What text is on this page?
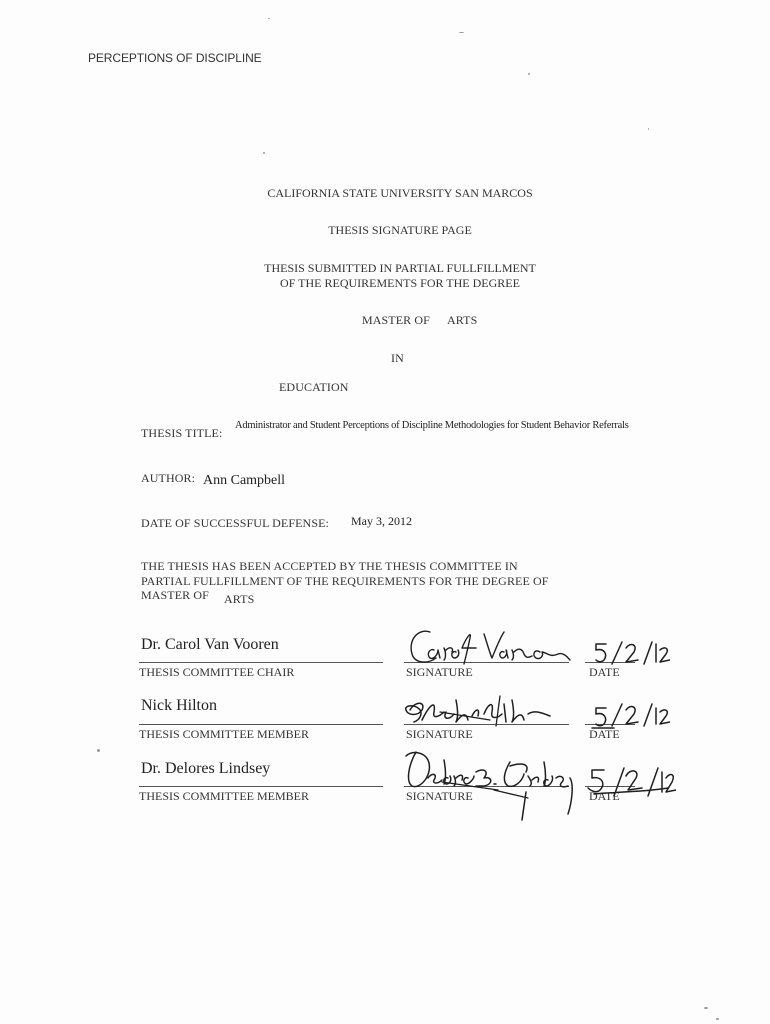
PERCEPTIONS OF DISCIPLINE
CALIFORNIA STATE UNIVERSITY SAN MARCOS
THESIS SIGNATURE PAGE
THESIS SUBMITTED IN PARTIAL FULLFILLMENT
OF THE REQUIREMENTS FOR THE DEGREE
MASTER OF ARTS
IN
EDUCATION
THESIS TITLE:
Administrator and Student Perceptions of Discipline Methodologies for Student Behavior Referrals
AUTHOR: Ann Campbell
DATE OF SUCCESSFUL DEFENSE: May 3, 2012
THE THESIS HAS BEEN ACCEPTED BY THE THESIS COMMITTEE IN
PARTIAL FULLFILLMENT OF THE REQUIREMENTS FOR THE DEGREE OF
MASTER OF ARTS
Dr. Carol Van Vooren
THESIS COMMITTEE CHAIR	SIGNATURE	DATE
Nick Hilton
THESIS COMMITTEE MEMBER	SIGNATURE	DATE
Dr. Delores Lindsey
THESIS COMMITTEE MEMBER	SIGNATURE	DATE
